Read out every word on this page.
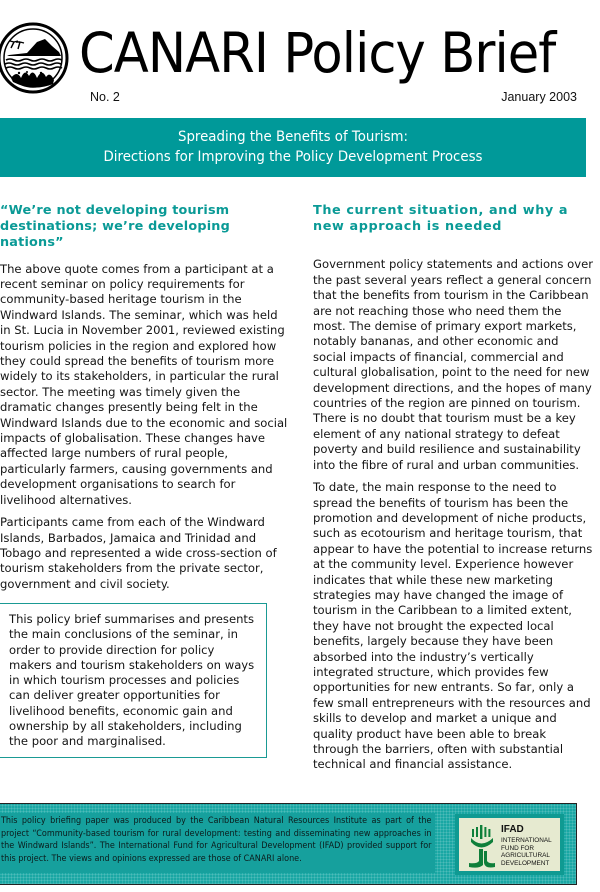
CANARI Policy Brief
No. 2	January 2003
Spreading the Benefits of Tourism:
Directions for Improving the Policy Development Process
“We’re not developing tourism destinations; we’re developing nations”

The above quote comes from a participant at a recent seminar on policy requirements for community-based heritage tourism in the Windward Islands. The seminar, which was held in St. Lucia in November 2001, reviewed existing tourism policies in the region and explored how they could spread the benefits of tourism more widely to its stakeholders, in particular the rural sector. The meeting was timely given the dramatic changes presently being felt in the Windward Islands due to the economic and social impacts of globalisation. These changes have affected large numbers of rural people, particularly farmers, causing governments and development organisations to search for livelihood alternatives.

Participants came from each of the Windward Islands, Barbados, Jamaica and Trinidad and Tobago and represented a wide cross-section of tourism stakeholders from the private sector, government and civil society.

This policy brief summarises and presents the main conclusions of the seminar, in order to provide direction for policy makers and tourism stakeholders on ways in which tourism processes and policies can deliver greater opportunities for livelihood benefits, economic gain and ownership by all stakeholders, including the poor and marginalised.
The current situation, and why a new approach is needed

Government policy statements and actions over the past several years reflect a general concern that the benefits from tourism in the Caribbean are not reaching those who need them the most. The demise of primary export markets, notably bananas, and other economic and social impacts of financial, commercial and cultural globalisation, point to the need for new development directions, and the hopes of many countries of the region are pinned on tourism. There is no doubt that tourism must be a key element of any national strategy to defeat poverty and build resilience and sustainability into the fibre of rural and urban communities.

To date, the main response to the need to spread the benefits of tourism has been the promotion and development of niche products, such as ecotourism and heritage tourism, that appear to have the potential to increase returns at the community level. Experience however indicates that while these new marketing strategies may have changed the image of tourism in the Caribbean to a limited extent, they have not brought the expected local benefits, largely because they have been absorbed into the industry’s vertically integrated structure, which provides few opportunities for new entrants. So far, only a few small entrepreneurs with the resources and skills to develop and market a unique and quality product have been able to break through the barriers, often with substantial technical and financial assistance.

This policy briefing paper was produced by the Caribbean Natural Resources Institute as part of the project “Community-based tourism for rural development: testing and disseminating new approaches in the Windward Islands”. The International Fund for Agricultural Development (IFAD) provided support for this project. The views and opinions expressed are those of CANARI alone.
IFAD
INTERNATIONAL
FUND FOR
AGRICULTURAL
DEVELOPMENT
